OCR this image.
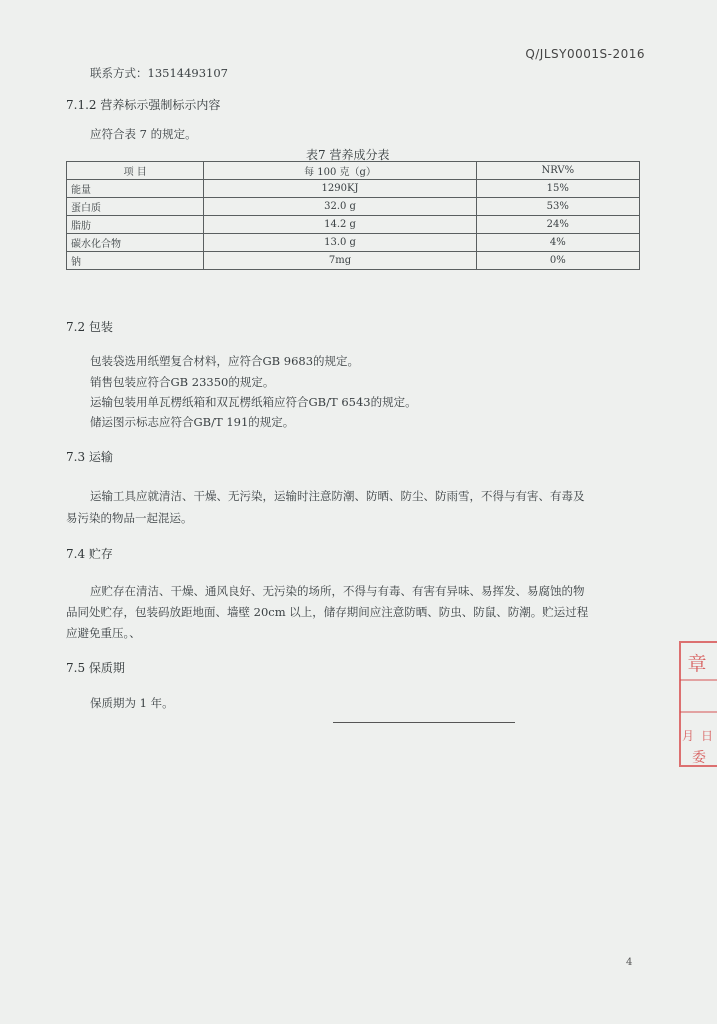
Q/JLSY0001S-2016
联系方式：13514493107
7.1.2 营养标示强制标示内容
应符合表 7 的规定。
表7 营养成分表
项 目	每 100 克（g）	NRV%
能量	1290KJ	15%
蛋白质	32.0 g	53%
脂肪	14.2 g	24%
碳水化合物	13.0 g	4%
钠	7mg	0%
7.2 包装
包装袋选用纸塑复合材料，应符合GB 9683的规定。
销售包装应符合GB 23350的规定。
运输包装用单瓦楞纸箱和双瓦楞纸箱应符合GB/T 6543的规定。
储运图示标志应符合GB/T 191的规定。
7.3 运输
运输工具应就清洁、干燥、无污染，运输时注意防潮、防晒、防尘、防雨雪，不得与有害、有毒及
易污染的物品一起混运。
7.4 贮存
应贮存在清洁、干燥、通风良好、无污染的场所，不得与有毒、有害有异味、易挥发、易腐蚀的物
品同处贮存，包装码放距地面、墙壁 20cm 以上，储存期间应注意防晒、防虫、防鼠、防潮。贮运过程
应避免重压。、
7.5 保质期
保质期为 1 年。
章
月 日
委
4
